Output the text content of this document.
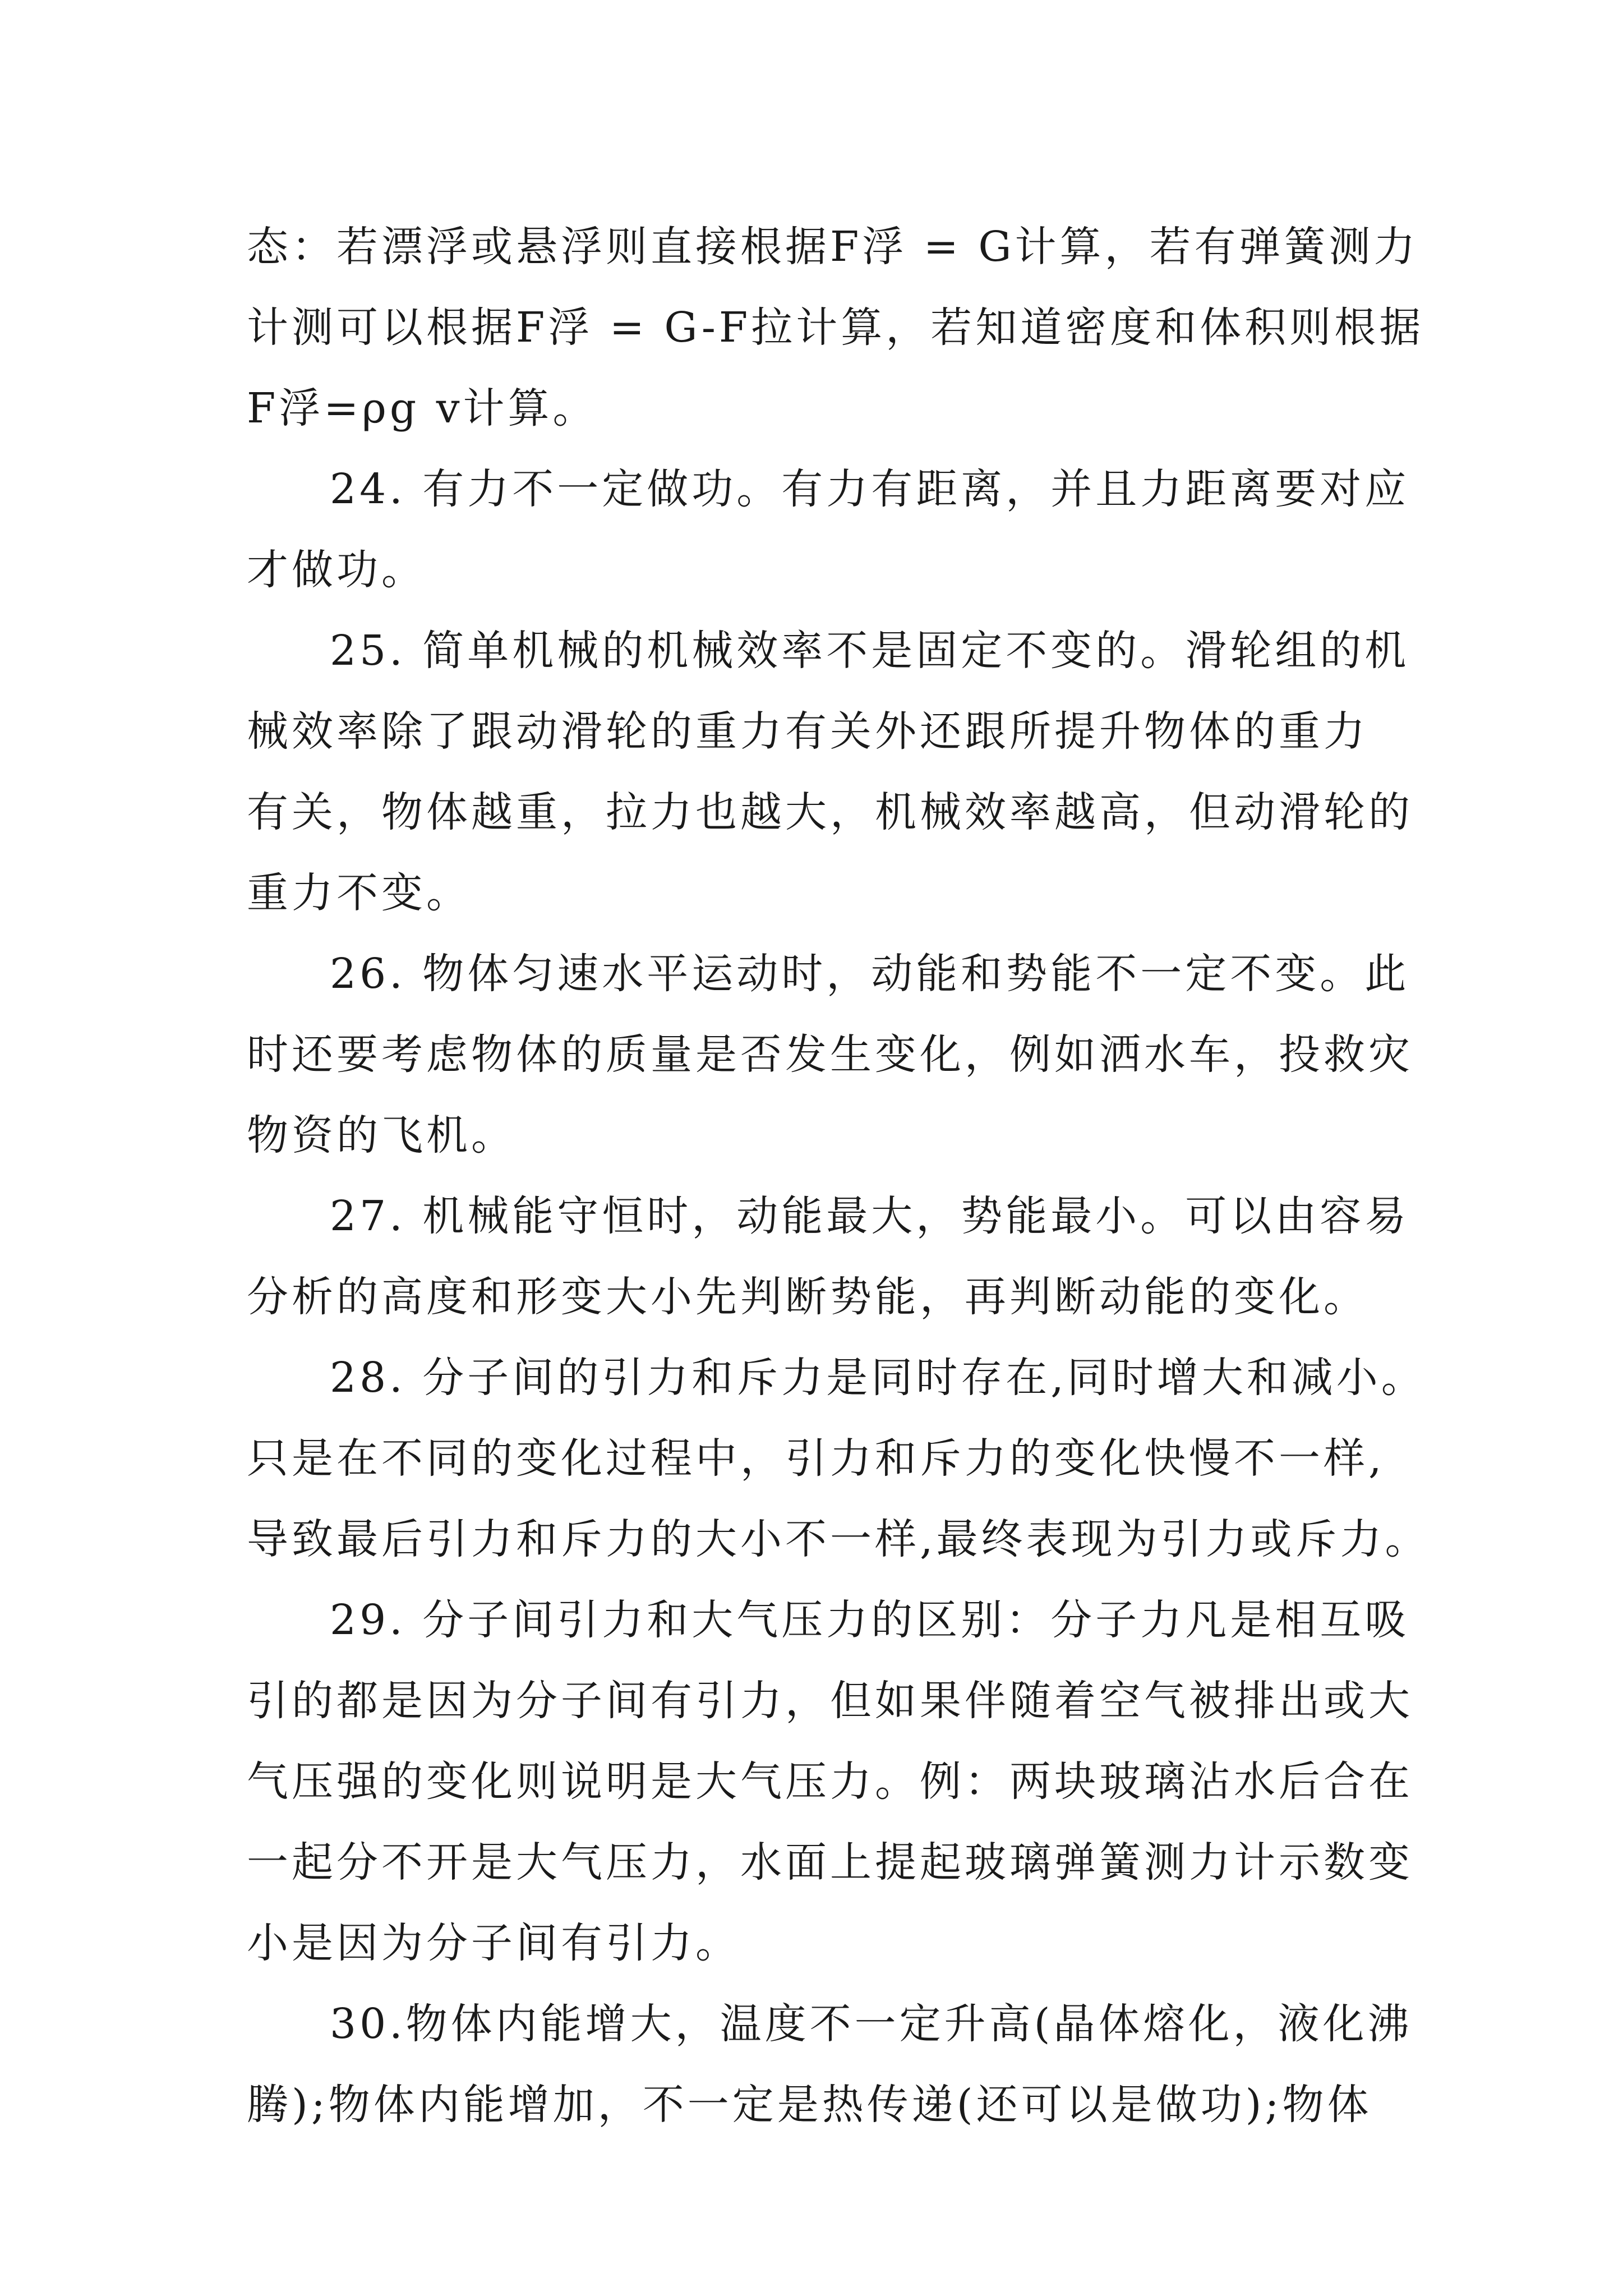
态：若漂浮或悬浮则直接根据F浮 = G计算，若有弹簧测力
计测可以根据F浮 = G-F拉计算，若知道密度和体积则根据
F浮=ρg v计算。
24. 有力不一定做功。有力有距离，并且力距离要对应
才做功。
25. 简单机械的机械效率不是固定不变的。滑轮组的机
械效率除了跟动滑轮的重力有关外还跟所提升物体的重力
有关，物体越重，拉力也越大，机械效率越高，但动滑轮的
重力不变。
26. 物体匀速水平运动时，动能和势能不一定不变。此
时还要考虑物体的质量是否发生变化，例如洒水车，投救灾
物资的飞机。
27. 机械能守恒时，动能最大，势能最小。可以由容易
分析的高度和形变大小先判断势能，再判断动能的变化。
28. 分子间的引力和斥力是同时存在,同时增大和减小。
只是在不同的变化过程中，引力和斥力的变化快慢不一样,
导致最后引力和斥力的大小不一样,最终表现为引力或斥力。
29. 分子间引力和大气压力的区别：分子力凡是相互吸
引的都是因为分子间有引力，但如果伴随着空气被排出或大
气压强的变化则说明是大气压力。例：两块玻璃沾水后合在
一起分不开是大气压力，水面上提起玻璃弹簧测力计示数变
小是因为分子间有引力。
30.物体内能增大，温度不一定升高(晶体熔化，液化沸
腾);物体内能增加，不一定是热传递(还可以是做功);物体
